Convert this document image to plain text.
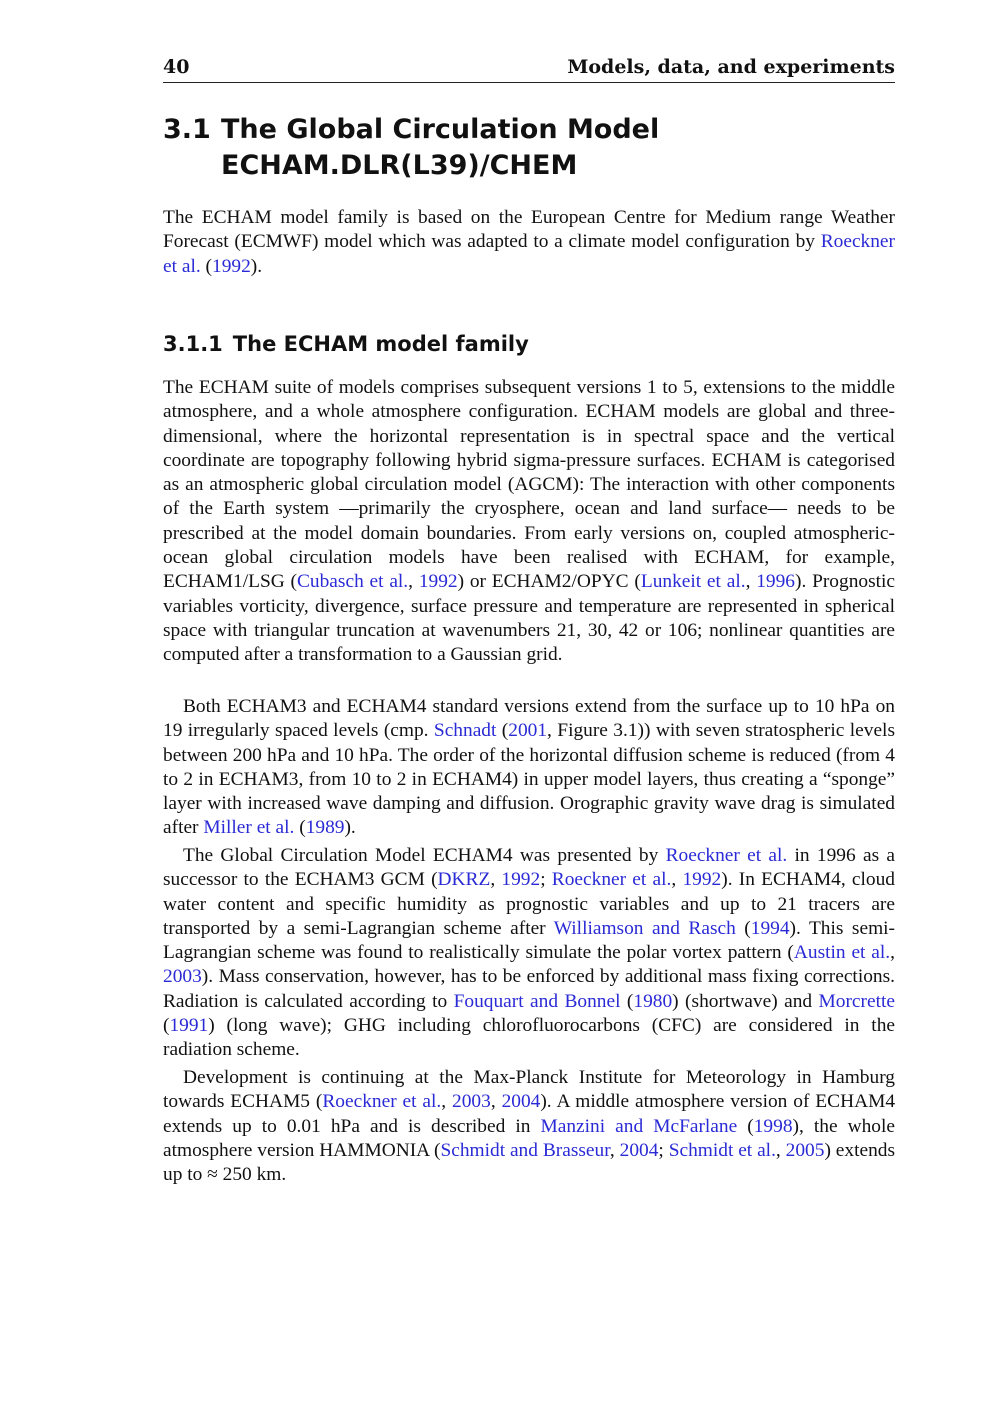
40	Models, data, and experiments
3.1 The Global Circulation Model
ECHAM.DLR(L39)/CHEM

The ECHAM model family is based on the European Centre for Medium range Weather Forecast (ECMWF) model which was adapted to a climate model configuration by Roeckner et al. (1992).

3.1.1 The ECHAM model family

The ECHAM suite of models comprises subsequent versions 1 to 5, extensions to the middle atmosphere, and a whole atmosphere configuration. ECHAM models are global and three-dimensional, where the horizontal representation is in spectral space and the vertical coordinate are topography following hybrid sigma-pressure surfaces. ECHAM is categorised as an atmospheric global circulation model (AGCM): The interaction with other components of the Earth system —primarily the cryosphere, ocean and land surface— needs to be prescribed at the model domain boundaries. From early versions on, coupled atmospheric-ocean global circulation models have been realised with ECHAM, for example, ECHAM1/LSG (Cubasch et al., 1992) or ECHAM2/OPYC (Lunkeit et al., 1996). Prognostic variables vorticity, divergence, surface pressure and temperature are represented in spherical space with triangular truncation at wavenumbers 21, 30, 42 or 106; nonlinear quantities are computed after a transformation to a Gaussian grid.

Both ECHAM3 and ECHAM4 standard versions extend from the surface up to 10 hPa on 19 irregularly spaced levels (cmp. Schnadt (2001, Figure 3.1)) with seven stratospheric levels between 200 hPa and 10 hPa. The order of the horizontal diffusion scheme is reduced (from 4 to 2 in ECHAM3, from 10 to 2 in ECHAM4) in upper model layers, thus creating a “sponge” layer with increased wave damping and diffusion. Orographic gravity wave drag is simulated after Miller et al. (1989).

The Global Circulation Model ECHAM4 was presented by Roeckner et al. in 1996 as a successor to the ECHAM3 GCM (DKRZ, 1992; Roeckner et al., 1992). In ECHAM4, cloud water content and specific humidity as prognostic variables and up to 21 tracers are transported by a semi-Lagrangian scheme after Williamson and Rasch (1994). This semi-Lagrangian scheme was found to realistically simulate the polar vortex pattern (Austin et al., 2003). Mass conservation, however, has to be enforced by additional mass fixing corrections. Radiation is calculated according to Fouquart and Bonnel (1980) (shortwave) and Morcrette (1991) (long wave); GHG including chlorofluorocarbons (CFC) are considered in the radiation scheme.

Development is continuing at the Max-Planck Institute for Meteorology in Hamburg towards ECHAM5 (Roeckner et al., 2003, 2004). A middle atmosphere version of ECHAM4 extends up to 0.01 hPa and is described in Manzini and McFarlane (1998), the whole atmosphere version HAMMONIA (Schmidt and Brasseur, 2004; Schmidt et al., 2005) extends up to ≈ 250 km.
